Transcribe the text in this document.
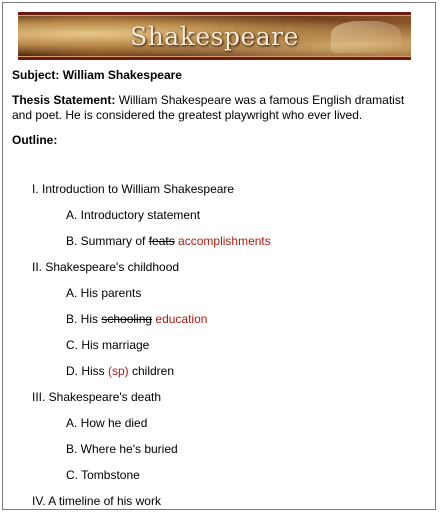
Shakespeare

Subject: William Shakespeare

Thesis Statement: William Shakespeare was a famous English dramatist and poet. He is considered the greatest playwright who ever lived.

Outline:

I. Introduction to William Shakespeare
A. Introductory statement
B. Summary of feats accomplishments
II. Shakespeare's childhood
A. His parents
B. His schooling education
C. His marriage
D. Hiss (sp) children
III. Shakespeare's death
A. How he died
B. Where he's buried
C. Tombstone
IV. A timeline of his work
